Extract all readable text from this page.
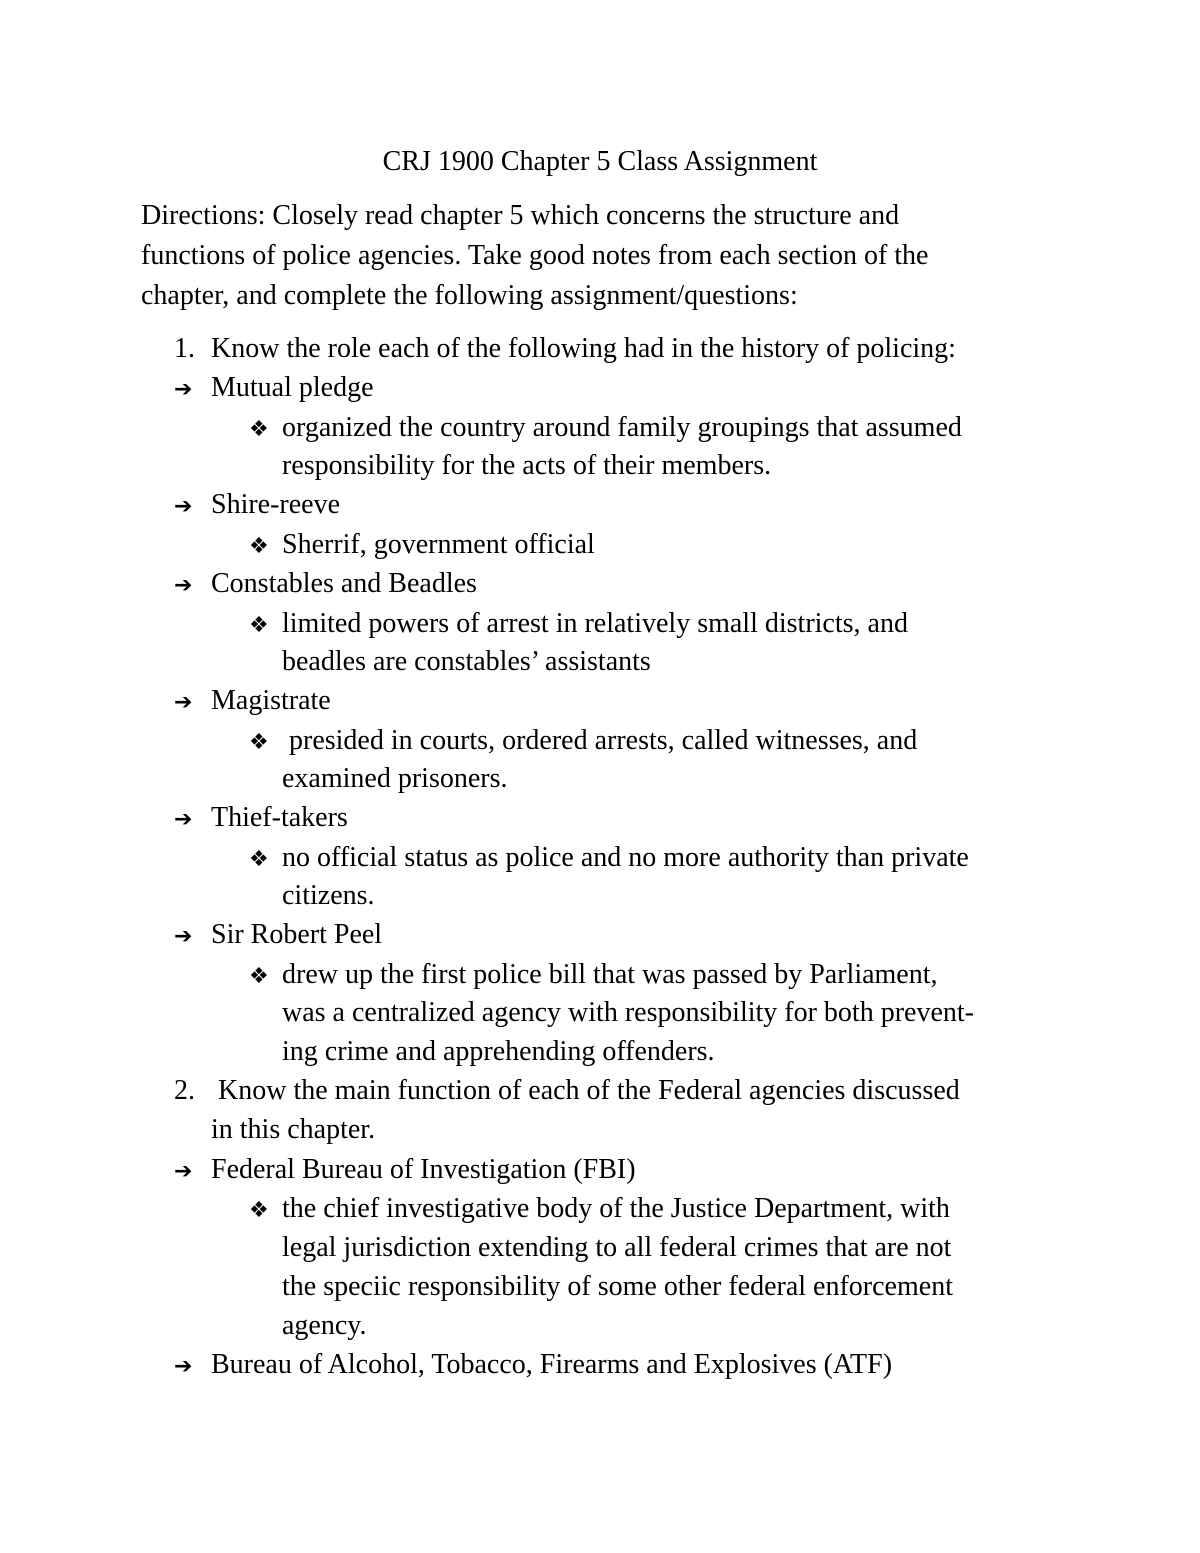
CRJ 1900 Chapter 5 Class Assignment
Directions: Closely read chapter 5 which concerns the structure and
functions of police agencies. Take good notes from each section of the
chapter, and complete the following assignment/questions:
1. Know the role each of the following had in the history of policing:
➔ Mutual pledge
❖ organized the country around family groupings that assumed
responsibility for the acts of their members.
➔ Shire-reeve
❖ Sherrif, government official
➔ Constables and Beadles
❖ limited powers of arrest in relatively small districts, and
beadles are constables’ assistants
➔ Magistrate
❖ presided in courts, ordered arrests, called witnesses, and
examined prisoners.
➔ Thief-takers
❖ no official status as police and no more authority than private
citizens.
➔ Sir Robert Peel
❖ drew up the first police bill that was passed by Parliament,
was a centralized agency with responsibility for both prevent-
ing crime and apprehending offenders.
2. Know the main function of each of the Federal agencies discussed
in this chapter.
➔ Federal Bureau of Investigation (FBI)
❖ the chief investigative body of the Justice Department, with
legal jurisdiction extending to all federal crimes that are not
the speciic responsibility of some other federal enforcement
agency.
➔ Bureau of Alcohol, Tobacco, Firearms and Explosives (ATF)
